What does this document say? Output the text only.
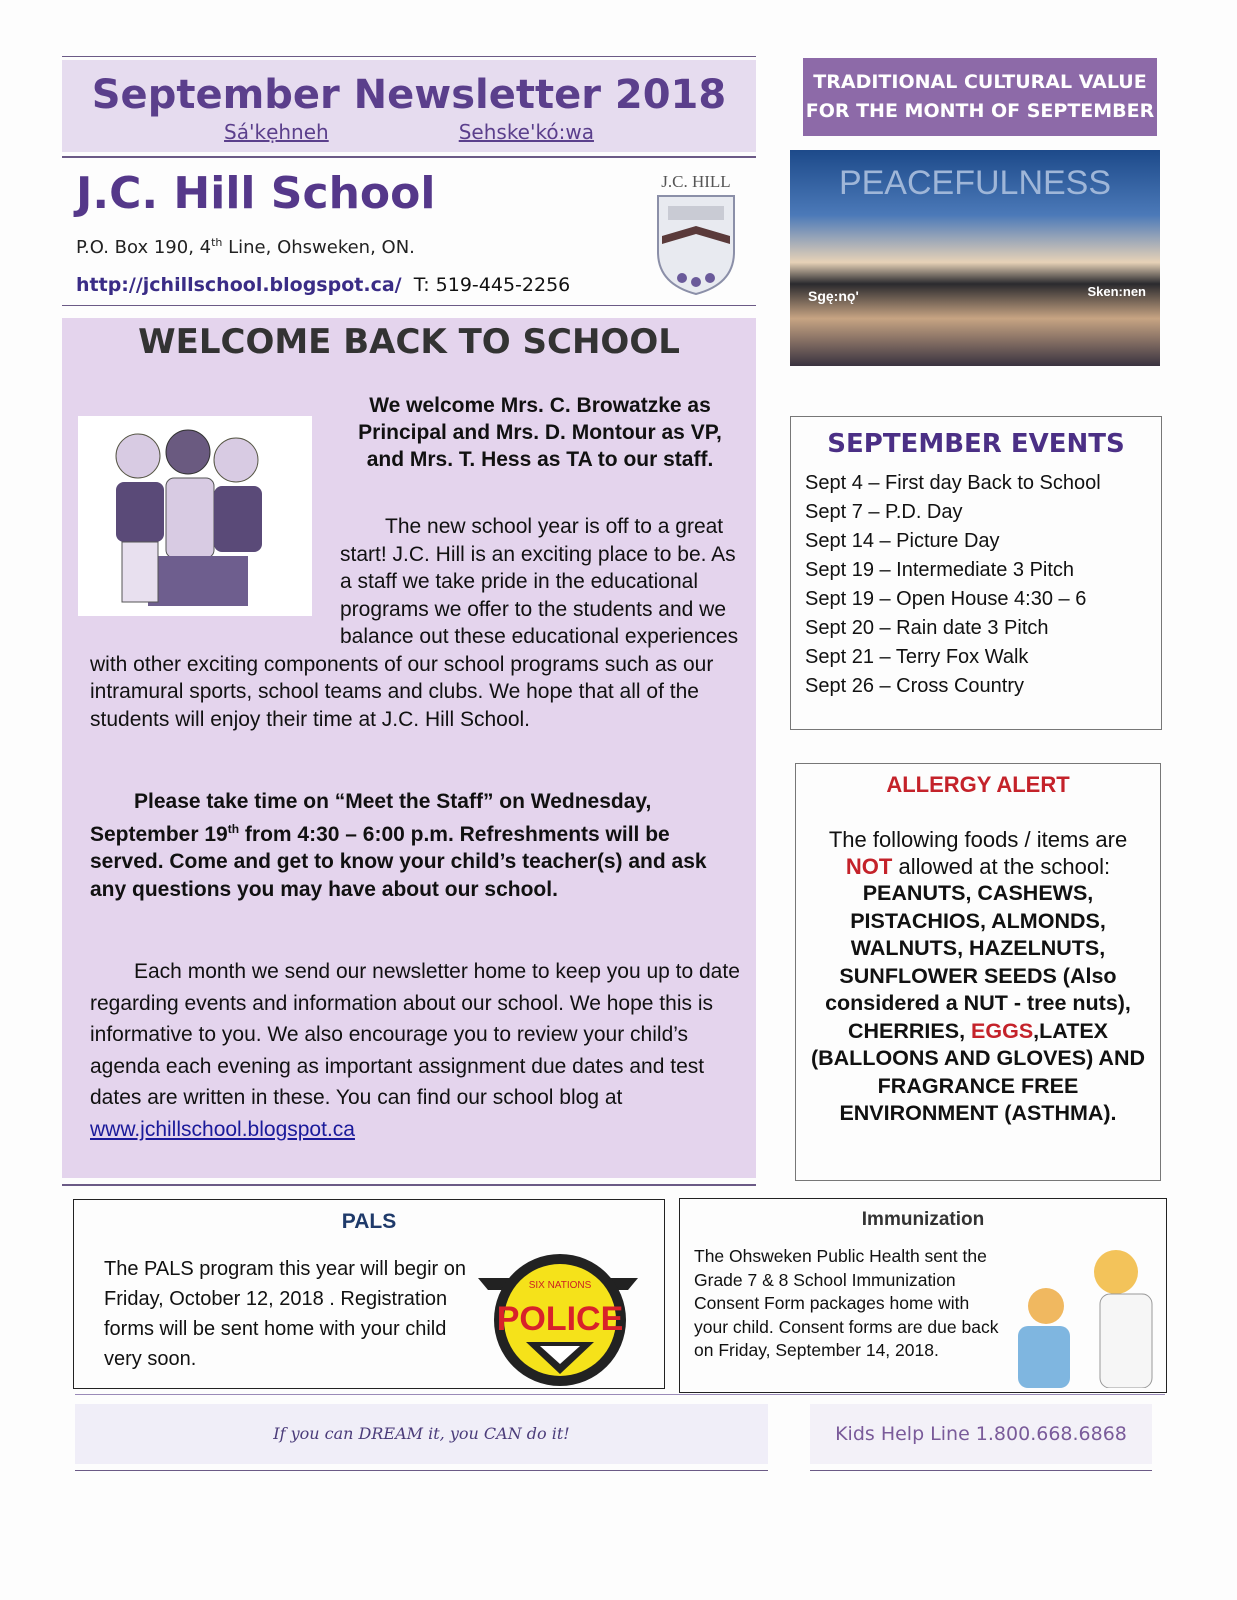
September Newsletter 2018
Sá'kẹhneh	Sehske'kó:wa
J.C. Hill School
P.O. Box 190, 4th Line, Ohsweken, ON.
http://jchillschool.blogspot.ca/ T: 519-445-2256
J.C. HILL
WELCOME BACK TO SCHOOL
We welcome Mrs. C. Browatzke as Principal and Mrs. D. Montour as VP, and Mrs. T. Hess as TA to our staff.
The new school year is off to a great start! J.C. Hill is an exciting place to be. As a staff we take pride in the educational programs we offer to the students and we balance out these educational experiences with other exciting components of our school programs such as our intramural sports, school teams and clubs. We hope that all of the students will enjoy their time at J.C. Hill School.
Please take time on “Meet the Staff” on Wednesday, September 19th from 4:30 – 6:00 p.m. Refreshments will be served. Come and get to know your child’s teacher(s) and ask any questions you may have about our school.
Each month we send our newsletter home to keep you up to date regarding events and information about our school. We hope this is informative to you. We also encourage you to review your child’s agenda each evening as important assignment due dates and test dates are written in these. You can find our school blog at
www.jchillschool.blogspot.ca
TRADITIONAL CULTURAL VALUE
FOR THE MONTH OF SEPTEMBER
PEACEFULNESS
Sgę:nǫ'	Sken:nen
SEPTEMBER EVENTS
Sept 4 – First day Back to School
Sept 7 – P.D. Day
Sept 14 – Picture Day
Sept 19 – Intermediate 3 Pitch
Sept 19 – Open House 4:30 – 6
Sept 20 – Rain date 3 Pitch
Sept 21 – Terry Fox Walk
Sept 26 – Cross Country
ALLERGY ALERT
The following foods / items are
NOT allowed at the school:
PEANUTS, CASHEWS, PISTACHIOS, ALMONDS, WALNUTS, HAZELNUTS, SUNFLOWER SEEDS (Also considered a NUT - tree nuts), CHERRIES, EGGS,LATEX (BALLOONS AND GLOVES) AND FRAGRANCE FREE ENVIRONMENT (ASTHMA).
PALS
The PALS program this year will begir on Friday, October 12, 2018 . Registration forms will be sent home with your child very soon.
SIX NATIONS
POLICE
Immunization
The Ohsweken Public Health sent the Grade 7 & 8 School Immunization Consent Form packages home with your child. Consent forms are due back on Friday, September 14, 2018.
If you can DREAM it, you CAN do it!	Kids Help Line 1.800.668.6868
